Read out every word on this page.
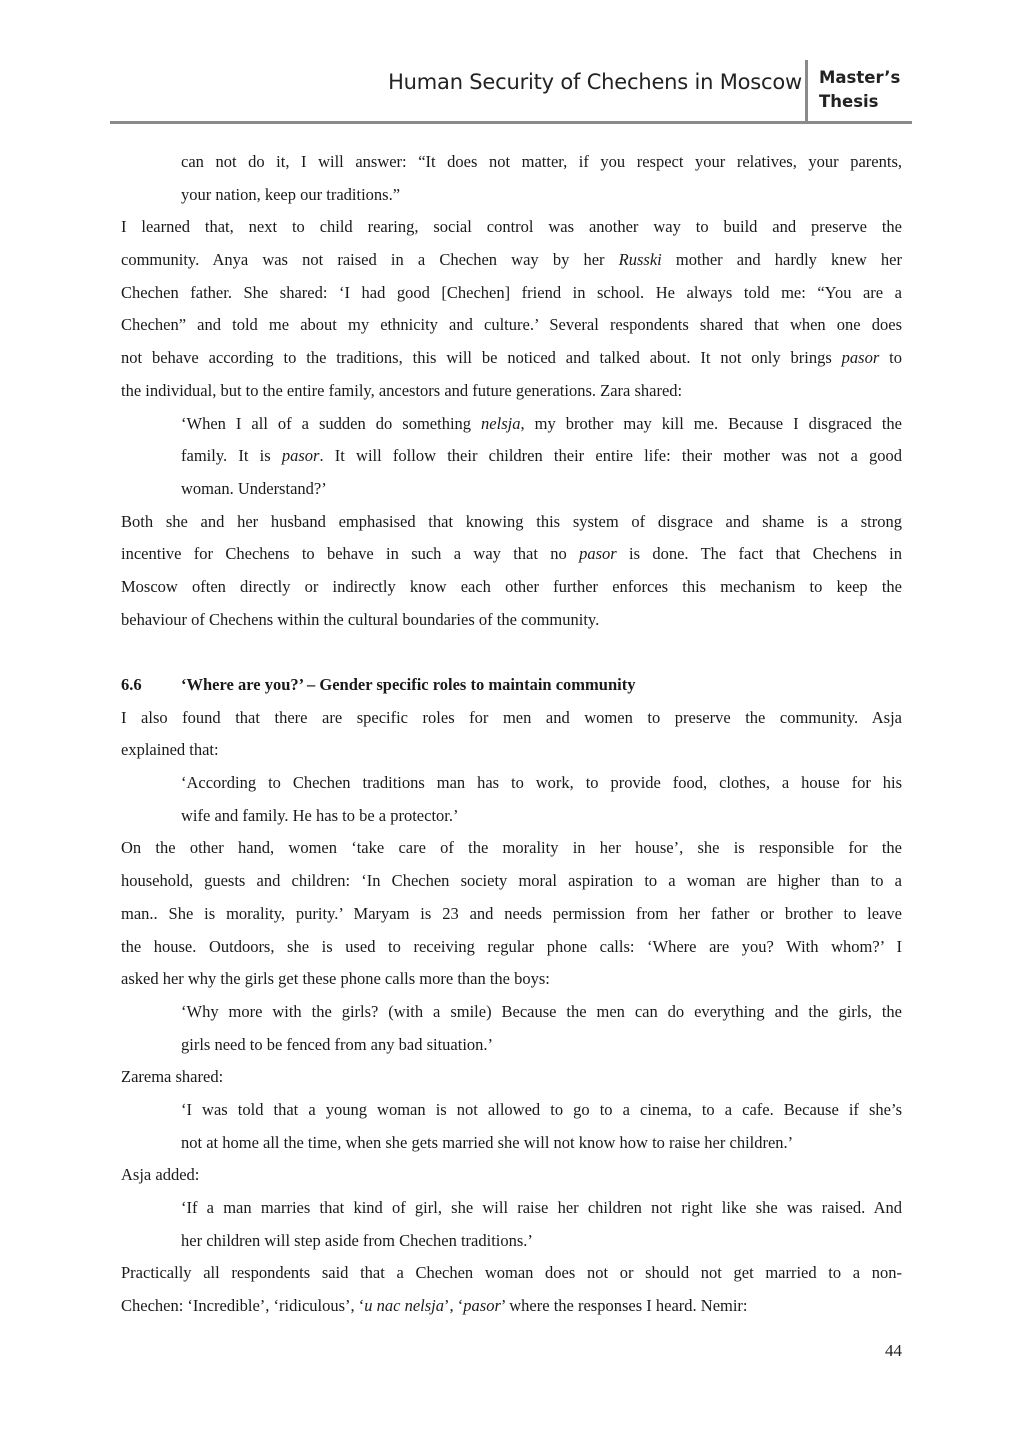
Human Security of Chechens in Moscow Master’s
Thesis
can not do it, I will answer: “It does not matter, if you respect your relatives, your parents,
your nation, keep our traditions.”
I learned that, next to child rearing, social control was another way to build and preserve the
community. Anya was not raised in a Chechen way by her Russki mother and hardly knew her
Chechen father. She shared: ‘I had good [Chechen] friend in school. He always told me: “You are a
Chechen” and told me about my ethnicity and culture.’ Several respondents shared that when one does
not behave according to the traditions, this will be noticed and talked about. It not only brings pasor to
the individual, but to the entire family, ancestors and future generations. Zara shared:
‘When I all of a sudden do something nelsja, my brother may kill me. Because I disgraced the
family. It is pasor. It will follow their children their entire life: their mother was not a good
woman. Understand?’
Both she and her husband emphasised that knowing this system of disgrace and shame is a strong
incentive for Chechens to behave in such a way that no pasor is done. The fact that Chechens in
Moscow often directly or indirectly know each other further enforces this mechanism to keep the
behaviour of Chechens within the cultural boundaries of the community.
6.6 ‘Where are you?’ – Gender specific roles to maintain community
I also found that there are specific roles for men and women to preserve the community. Asja
explained that:
‘According to Chechen traditions man has to work, to provide food, clothes, a house for his
wife and family. He has to be a protector.’
On the other hand, women ‘take care of the morality in her house’, she is responsible for the
household, guests and children: ‘In Chechen society moral aspiration to a woman are higher than to a
man.. She is morality, purity.’ Maryam is 23 and needs permission from her father or brother to leave
the house. Outdoors, she is used to receiving regular phone calls: ‘Where are you? With whom?’ I
asked her why the girls get these phone calls more than the boys:
‘Why more with the girls? (with a smile) Because the men can do everything and the girls, the
girls need to be fenced from any bad situation.’
Zarema shared:
‘I was told that a young woman is not allowed to go to a cinema, to a cafe. Because if she’s
not at home all the time, when she gets married she will not know how to raise her children.’
Asja added:
‘If a man marries that kind of girl, she will raise her children not right like she was raised. And
her children will step aside from Chechen traditions.’
Practically all respondents said that a Chechen woman does not or should not get married to a non-
Chechen: ‘Incredible’, ‘ridiculous’, ‘u nac nelsja’, ‘pasor’ where the responses I heard. Nemir:
44
